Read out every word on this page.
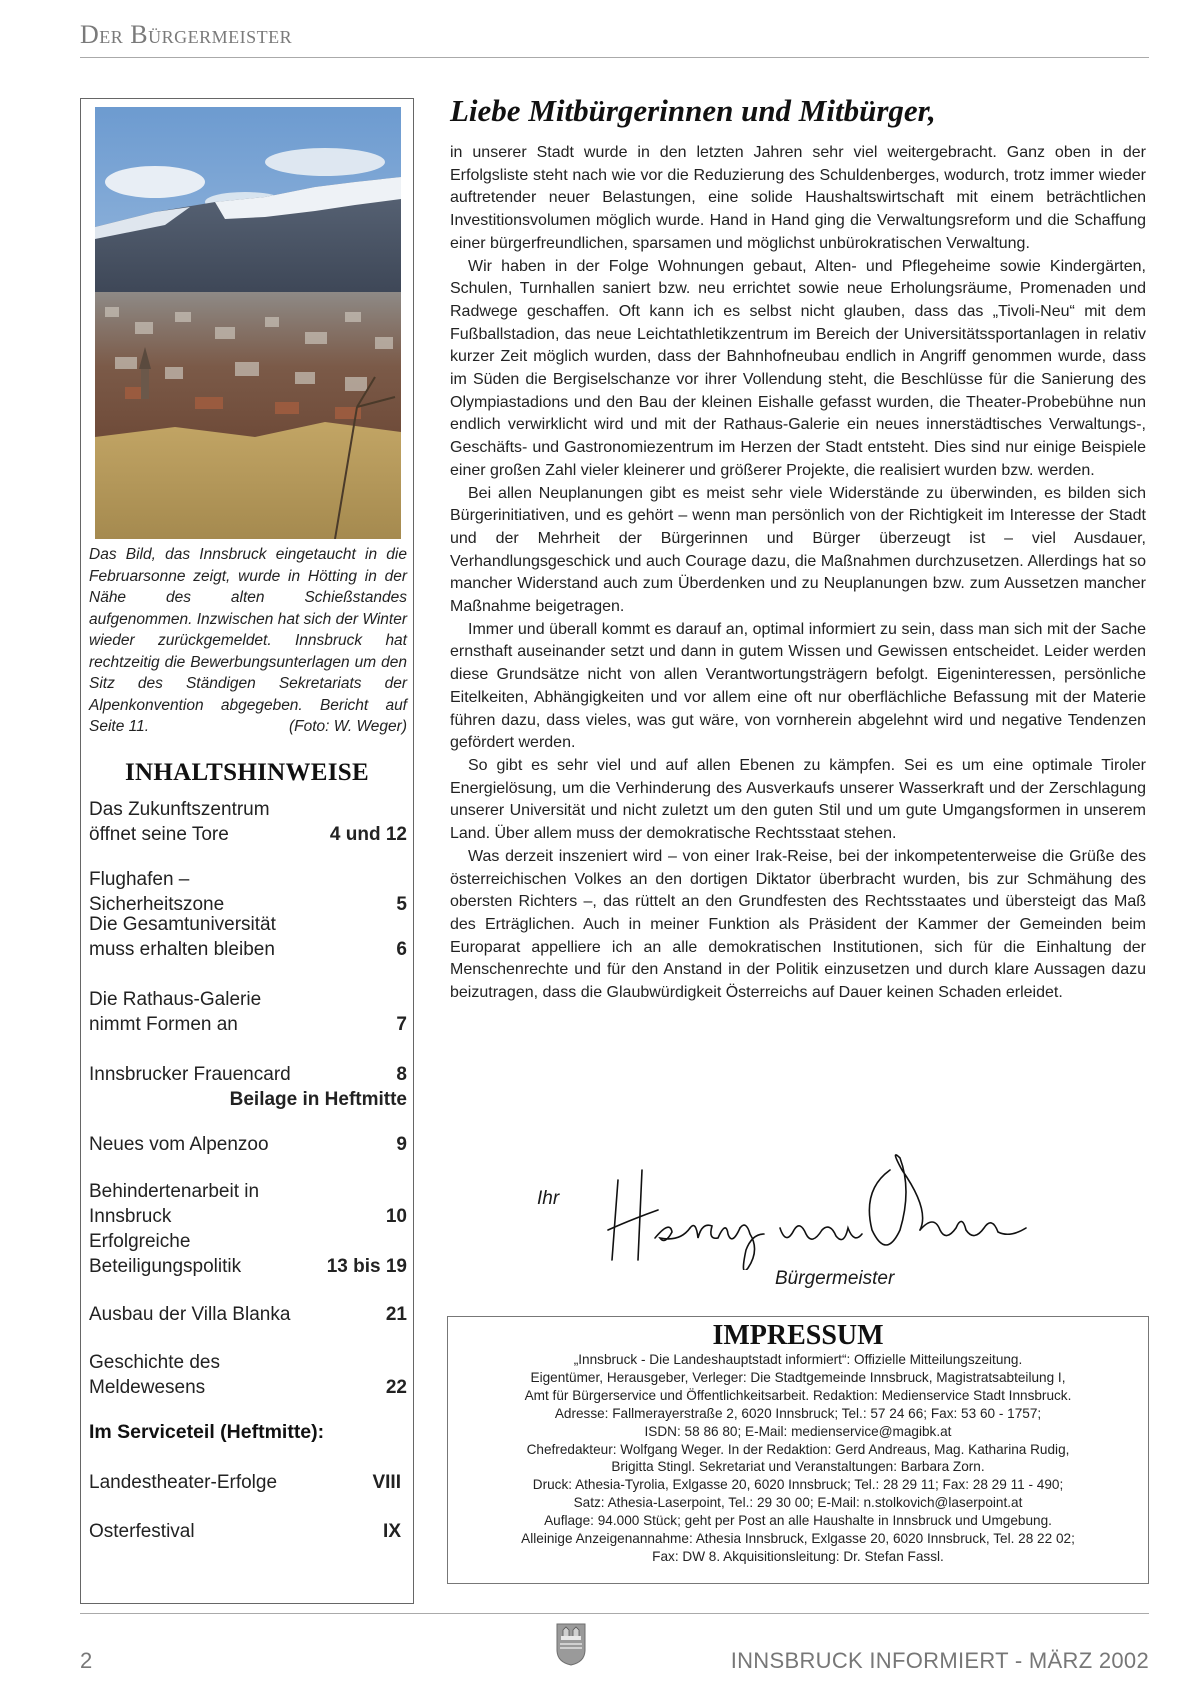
Der Bürgermeister
Das Bild, das Innsbruck eingetaucht in die Februarsonne zeigt, wurde in Hötting in der Nähe des alten Schießstandes aufgenommen. Inzwischen hat sich der Winter wieder zurückgemeldet. Innsbruck hat rechtzeitig die Bewerbungsunterlagen um den Sitz des Ständigen Sekretariats der Alpenkonvention abgegeben. Bericht auf Seite 11.	(Foto: W. Weger)
INHALTSHINWEISE
Das Zukunftszentrum öffnet seine Tore	4 und 12
Flughafen – Sicherheitszone	5
Die Gesamtuniversität muss erhalten bleiben	6
Die Rathaus-Galerie nimmt Formen an	7
Innsbrucker Frauencard	8
Beilage in Heftmitte
Neues vom Alpenzoo	9
Behindertenarbeit in Innsbruck	10
Erfolgreiche Beteiligungspolitik	13 bis 19
Ausbau der Villa Blanka	21
Geschichte des Meldewesens	22
Im Serviceteil (Heftmitte):
Landestheater-Erfolge	VIII
Osterfestival	IX
Liebe Mitbürgerinnen und Mitbürger,

in unserer Stadt wurde in den letzten Jahren sehr viel weitergebracht. Ganz oben in der Erfolgsliste steht nach wie vor die Reduzierung des Schuldenberges, wodurch, trotz immer wieder auftretender neuer Belastungen, eine solide Haushaltswirtschaft mit einem beträchtlichen Investitionsvolumen möglich wurde. Hand in Hand ging die Verwaltungsreform und die Schaffung einer bürgerfreundlichen, sparsamen und möglichst unbürokratischen Verwaltung.

Wir haben in der Folge Wohnungen gebaut, Alten- und Pflegeheime sowie Kindergärten, Schulen, Turnhallen saniert bzw. neu errichtet sowie neue Erholungsräume, Promenaden und Radwege geschaffen. Oft kann ich es selbst nicht glauben, dass das „Tivoli-Neu“ mit dem Fußballstadion, das neue Leichtathletikzentrum im Bereich der Universitätssportanlagen in relativ kurzer Zeit möglich wurden, dass der Bahnhofneubau endlich in Angriff genommen wurde, dass im Süden die Bergiselschanze vor ihrer Vollendung steht, die Beschlüsse für die Sanierung des Olympiastadions und den Bau der kleinen Eishalle gefasst wurden, die Theater-Probebühne nun endlich verwirklicht wird und mit der Rathaus-Galerie ein neues innerstädtisches Verwaltungs-, Geschäfts- und Gastronomiezentrum im Herzen der Stadt entsteht. Dies sind nur einige Beispiele einer großen Zahl vieler kleinerer und größerer Projekte, die realisiert wurden bzw. werden.

Bei allen Neuplanungen gibt es meist sehr viele Widerstände zu überwinden, es bilden sich Bürgerinitiativen, und es gehört – wenn man persönlich von der Richtigkeit im Interesse der Stadt und der Mehrheit der Bürgerinnen und Bürger überzeugt ist – viel Ausdauer, Verhandlungsgeschick und auch Courage dazu, die Maßnahmen durchzusetzen. Allerdings hat so mancher Widerstand auch zum Überdenken und zu Neuplanungen bzw. zum Aussetzen mancher Maßnahme beigetragen.

Immer und überall kommt es darauf an, optimal informiert zu sein, dass man sich mit der Sache ernsthaft auseinander setzt und dann in gutem Wissen und Gewissen entscheidet. Leider werden diese Grundsätze nicht von allen Verantwortungsträgern befolgt. Eigeninteressen, persönliche Eitelkeiten, Abhängigkeiten und vor allem eine oft nur oberflächliche Befassung mit der Materie führen dazu, dass vieles, was gut wäre, von vornherein abgelehnt wird und negative Tendenzen gefördert werden.

So gibt es sehr viel und auf allen Ebenen zu kämpfen. Sei es um eine optimale Tiroler Energielösung, um die Verhinderung des Ausverkaufs unserer Wasserkraft und der Zerschlagung unserer Universität und nicht zuletzt um den guten Stil und um gute Umgangsformen in unserem Land. Über allem muss der demokratische Rechtsstaat stehen.

Was derzeit inszeniert wird – von einer Irak-Reise, bei der inkompetenterweise die Grüße des österreichischen Volkes an den dortigen Diktator überbracht wurden, bis zur Schmähung des obersten Richters –, das rüttelt an den Grundfesten des Rechtsstaates und übersteigt das Maß des Erträglichen. Auch in meiner Funktion als Präsident der Kammer der Gemeinden beim Europarat appelliere ich an alle demokratischen Institutionen, sich für die Einhaltung der Menschenrechte und für den Anstand in der Politik einzusetzen und durch klare Aussagen dazu beizutragen, dass die Glaubwürdigkeit Österreichs auf Dauer keinen Schaden erleidet.

Ihr
Bürgermeister
IMPRESSUM
„Innsbruck - Die Landeshauptstadt informiert“: Offizielle Mitteilungszeitung.
Eigentümer, Herausgeber, Verleger: Die Stadtgemeinde Innsbruck, Magistratsabteilung I,
Amt für Bürgerservice und Öffentlichkeitsarbeit. Redaktion: Medienservice Stadt Innsbruck.
Adresse: Fallmerayerstraße 2, 6020 Innsbruck; Tel.: 57 24 66; Fax: 53 60 - 1757;
ISDN: 58 86 80; E-Mail: medienservice@magibk.at
Chefredakteur: Wolfgang Weger. In der Redaktion: Gerd Andreaus, Mag. Katharina Rudig,
Brigitta Stingl. Sekretariat und Veranstaltungen: Barbara Zorn.
Druck: Athesia-Tyrolia, Exlgasse 20, 6020 Innsbruck; Tel.: 28 29 11; Fax: 28 29 11 - 490;
Satz: Athesia-Laserpoint, Tel.: 29 30 00; E-Mail: n.stolkovich@laserpoint.at
Auflage: 94.000 Stück; geht per Post an alle Haushalte in Innsbruck und Umgebung.
Alleinige Anzeigenannahme: Athesia Innsbruck, Exlgasse 20, 6020 Innsbruck, Tel. 28 22 02;
Fax: DW 8. Akquisitionsleitung: Dr. Stefan Fassl.
2	INNSBRUCK INFORMIERT - MÄRZ 2002
